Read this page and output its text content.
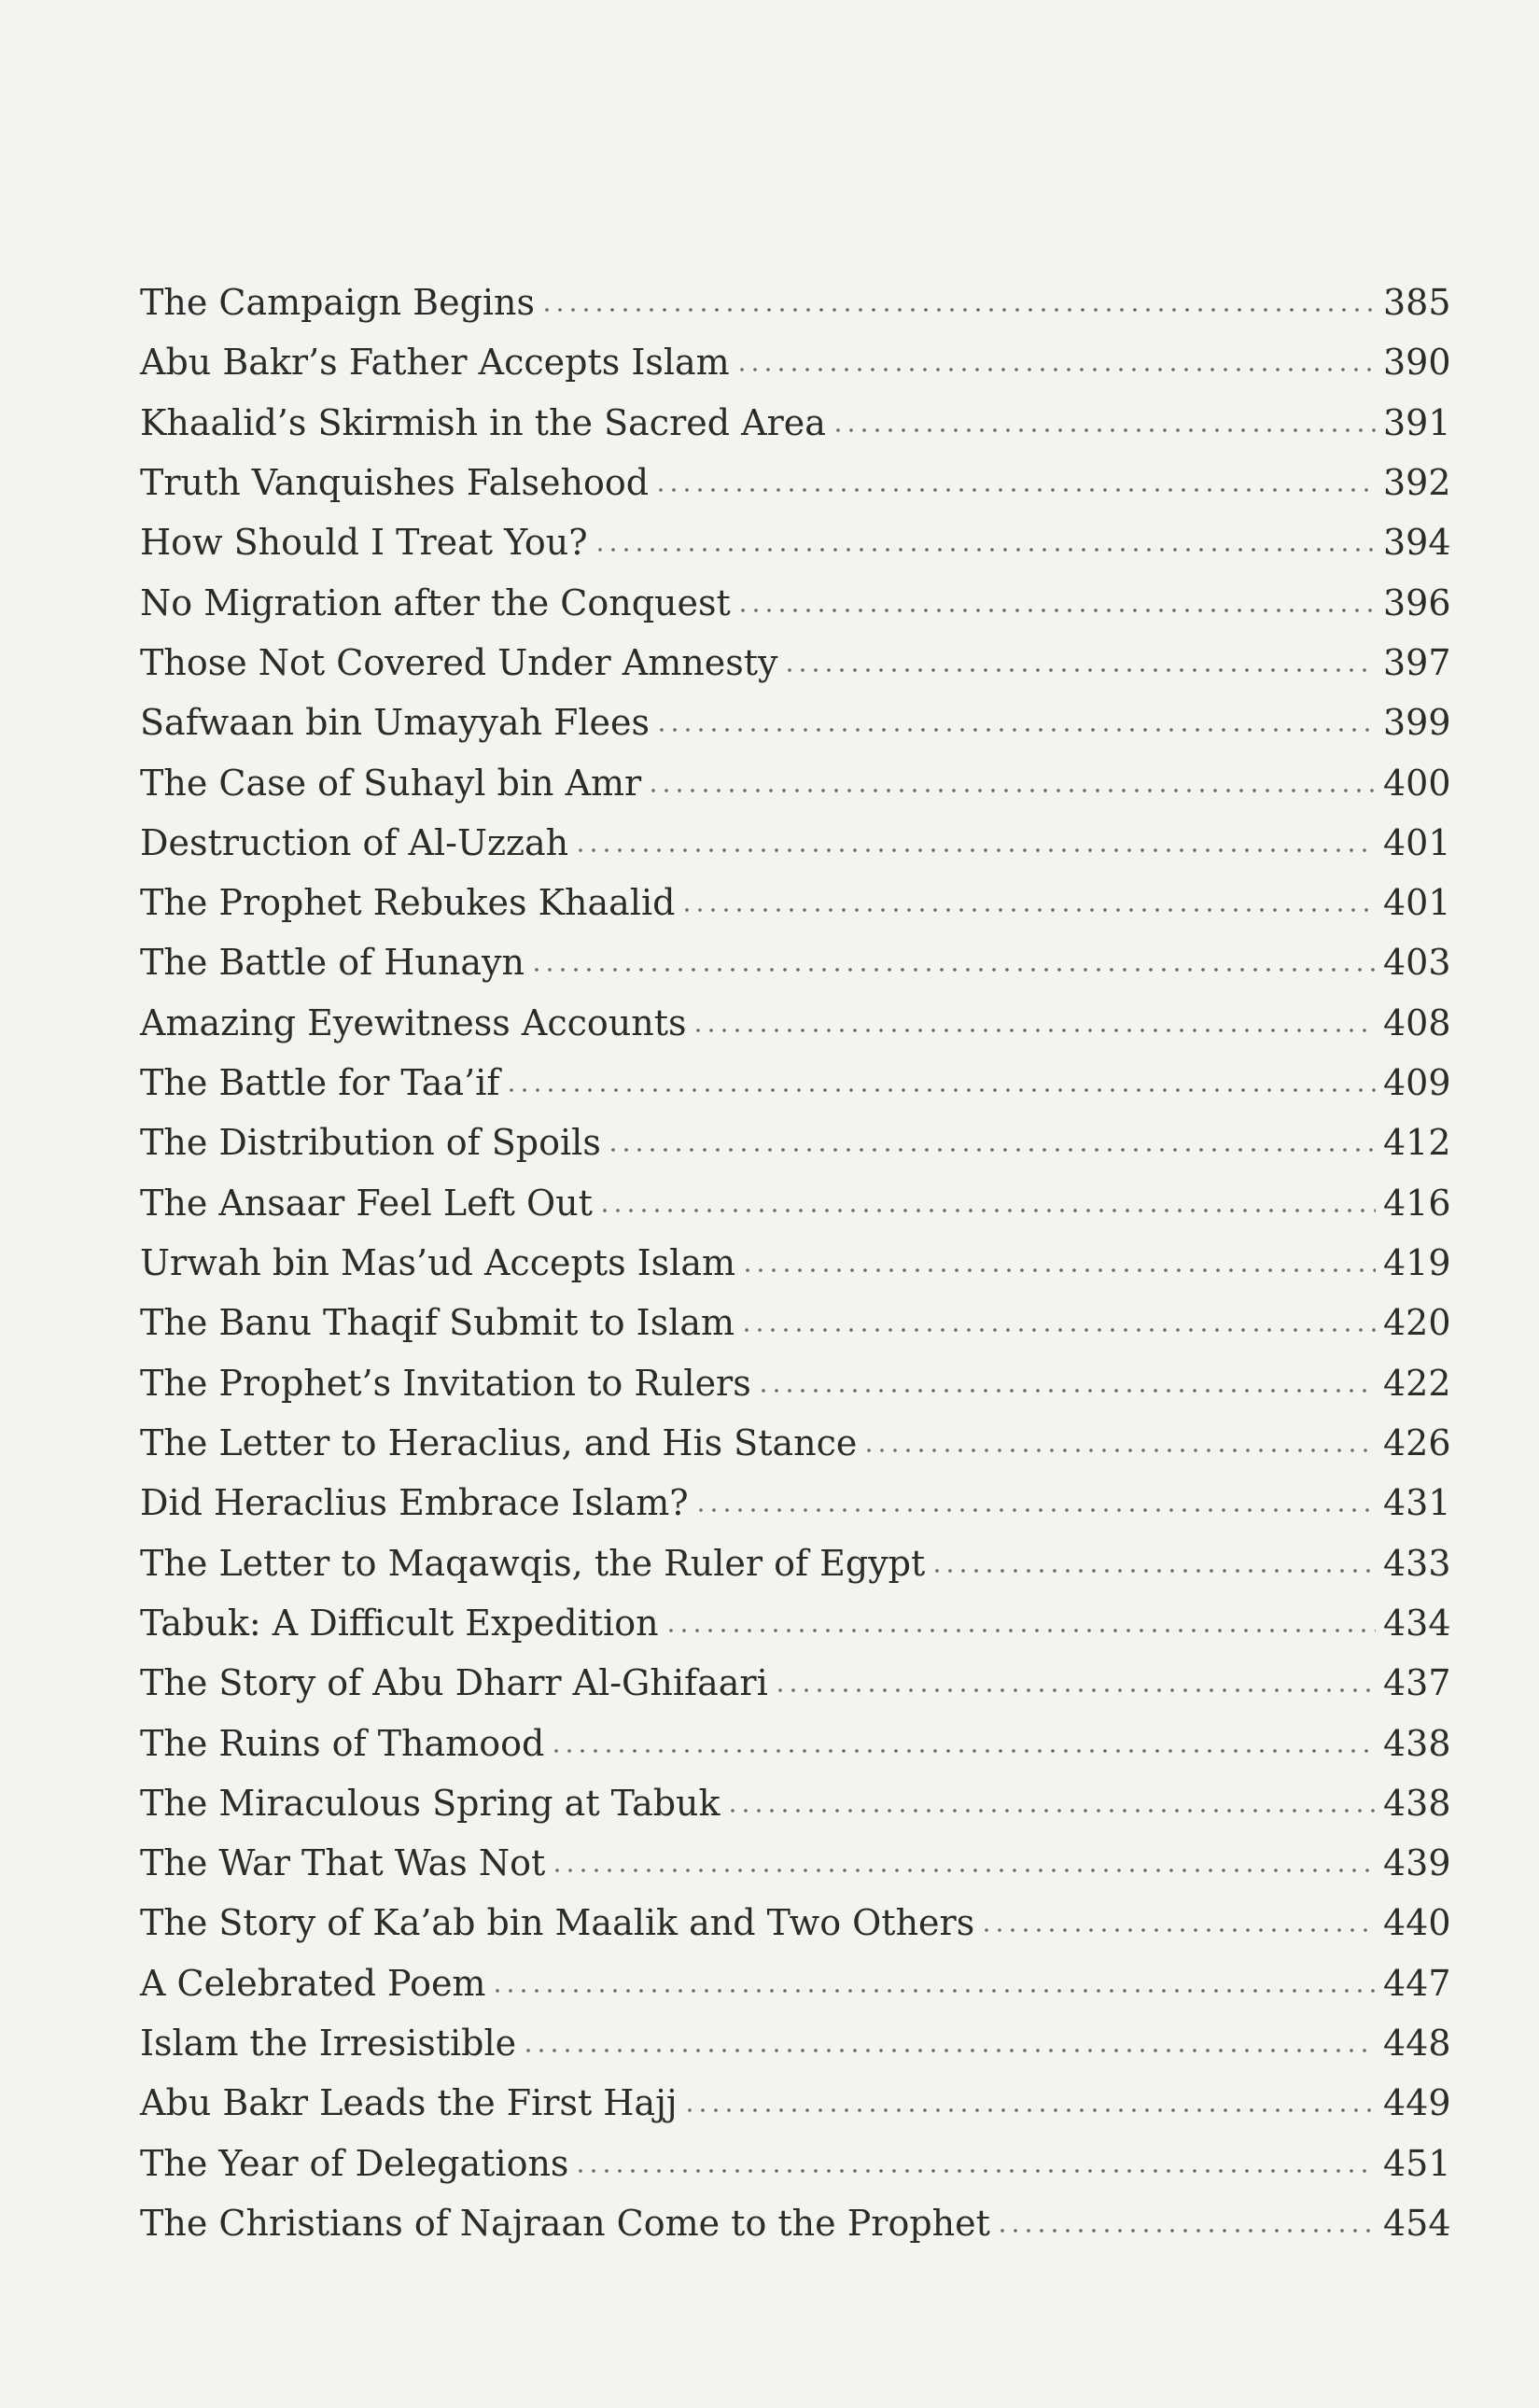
The Campaign Begins	385
Abu Bakr’s Father Accepts Islam	390
Khaalid’s Skirmish in the Sacred Area	391
Truth Vanquishes Falsehood	392
How Should I Treat You?	394
No Migration after the Conquest	396
Those Not Covered Under Amnesty	397
Safwaan bin Umayyah Flees	399
The Case of Suhayl bin Amr	400
Destruction of Al-Uzzah	401
The Prophet Rebukes Khaalid	401
The Battle of Hunayn	403
Amazing Eyewitness Accounts	408
The Battle for Taa’if	409
The Distribution of Spoils	412
The Ansaar Feel Left Out	416
Urwah bin Mas’ud Accepts Islam	419
The Banu Thaqif Submit to Islam	420
The Prophet’s Invitation to Rulers	422
The Letter to Heraclius, and His Stance	426
Did Heraclius Embrace Islam?	431
The Letter to Maqawqis, the Ruler of Egypt	433
Tabuk: A Difficult Expedition	434
The Story of Abu Dharr Al-Ghifaari	437
The Ruins of Thamood	438
The Miraculous Spring at Tabuk	438
The War That Was Not	439
The Story of Ka’ab bin Maalik and Two Others	440
A Celebrated Poem	447
Islam the Irresistible	448
Abu Bakr Leads the First Hajj	449
The Year of Delegations	451
The Christians of Najraan Come to the Prophet	454
